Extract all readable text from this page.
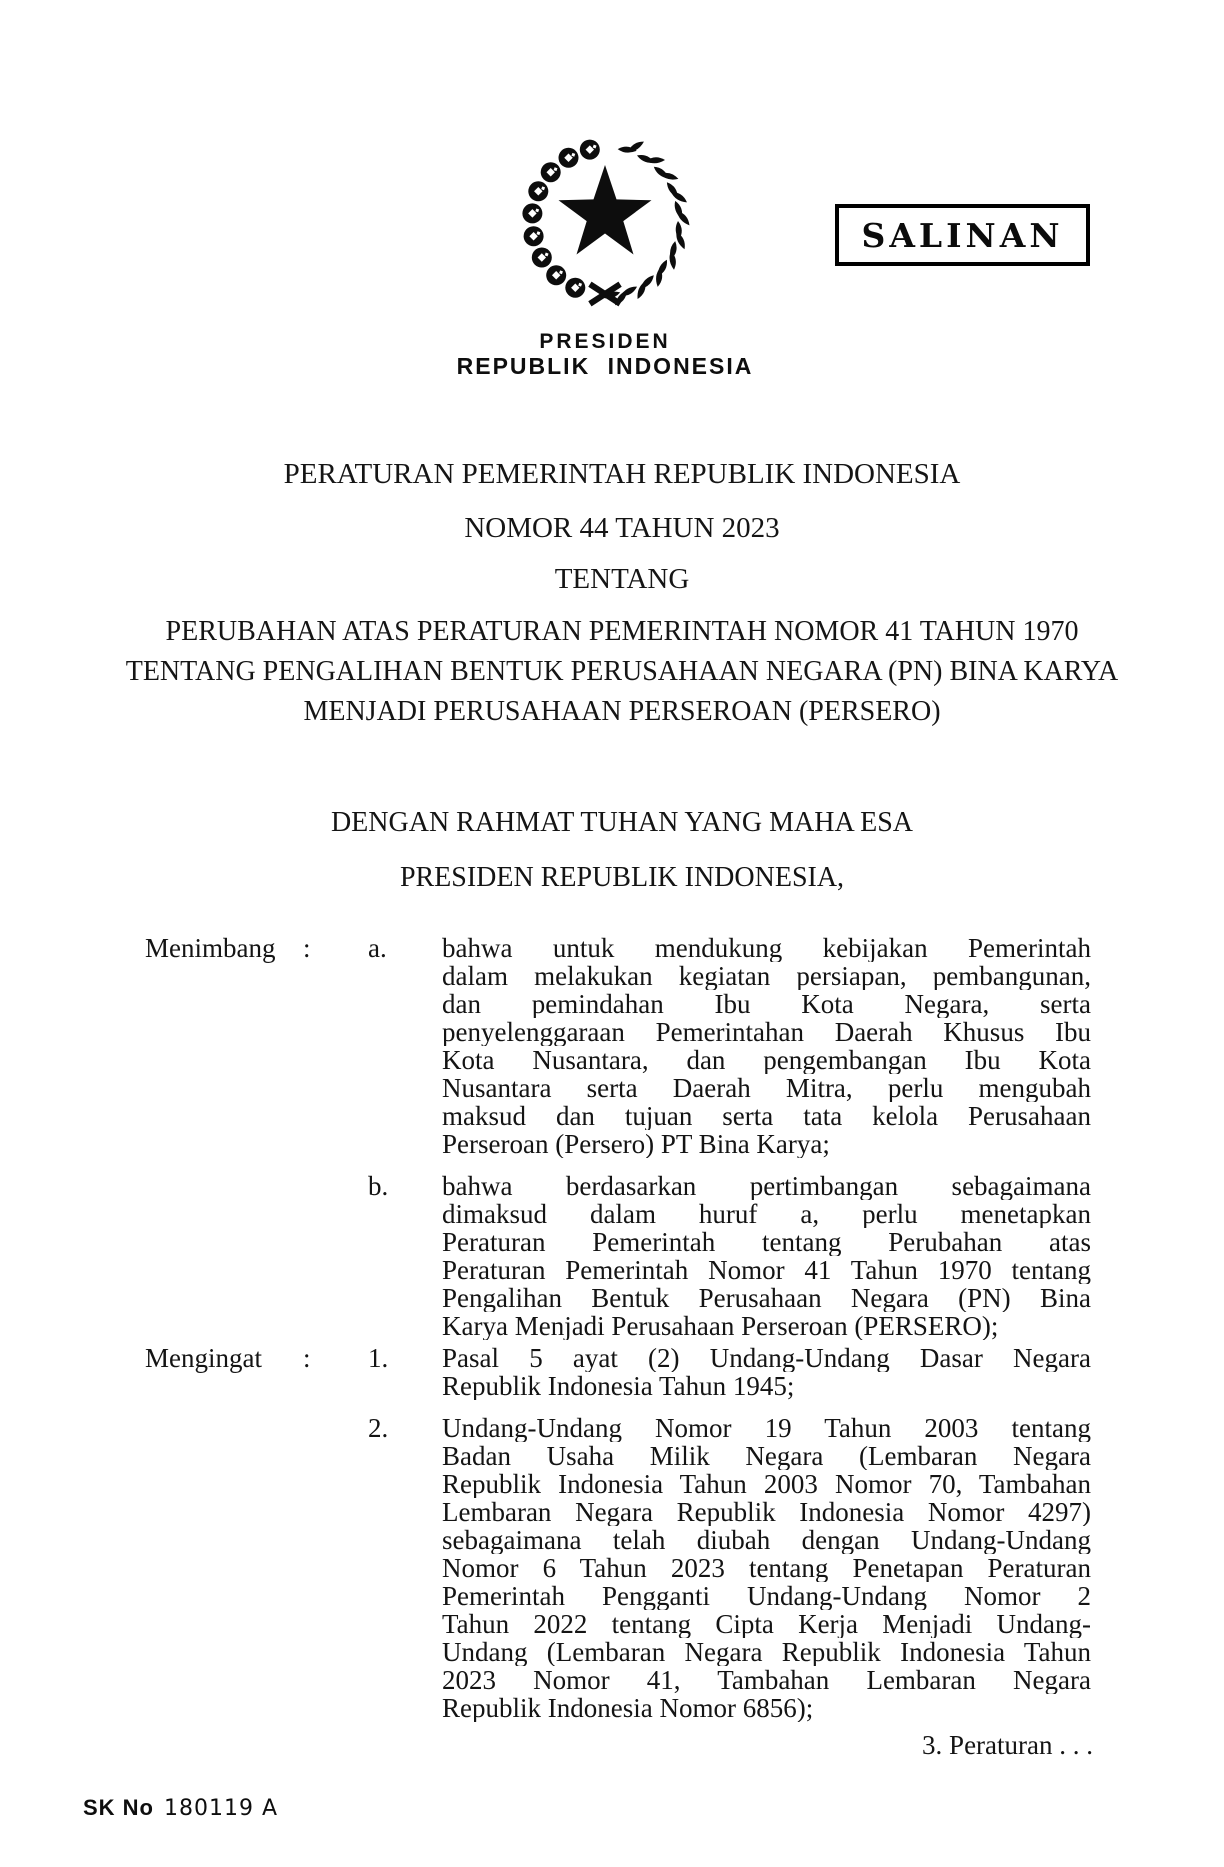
SALINAN
PRESIDEN
REPUBLIK INDONESIA
PERATURAN PEMERINTAH REPUBLIK INDONESIA
NOMOR 44 TAHUN 2023
TENTANG
PERUBAHAN ATAS PERATURAN PEMERINTAH NOMOR 41 TAHUN 1970
TENTANG PENGALIHAN BENTUK PERUSAHAAN NEGARA (PN) BINA KARYA
MENJADI PERUSAHAAN PERSEROAN (PERSERO)
DENGAN RAHMAT TUHAN YANG MAHA ESA
PRESIDEN REPUBLIK INDONESIA,
Menimbang	:	a.	bahwa untuk mendukung kebijakan Pemerintah
dalam melakukan kegiatan persiapan, pembangunan,
dan pemindahan Ibu Kota Negara, serta
penyelenggaraan Pemerintahan Daerah Khusus Ibu
Kota Nusantara, dan pengembangan Ibu Kota
Nusantara serta Daerah Mitra, perlu mengubah
maksud dan tujuan serta tata kelola Perusahaan
Perseroan (Persero) PT Bina Karya;
b.	bahwa berdasarkan pertimbangan sebagaimana
dimaksud dalam huruf a, perlu menetapkan
Peraturan Pemerintah tentang Perubahan atas
Peraturan Pemerintah Nomor 41 Tahun 1970 tentang
Pengalihan Bentuk Perusahaan Negara (PN) Bina
Karya Menjadi Perusahaan Perseroan (PERSERO);
Mengingat	:	1.	Pasal 5 ayat (2) Undang-Undang Dasar Negara
Republik Indonesia Tahun 1945;
2.	Undang-Undang Nomor 19 Tahun 2003 tentang
Badan Usaha Milik Negara (Lembaran Negara
Republik Indonesia Tahun 2003 Nomor 70, Tambahan
Lembaran Negara Republik Indonesia Nomor 4297)
sebagaimana telah diubah dengan Undang-Undang
Nomor 6 Tahun 2023 tentang Penetapan Peraturan
Pemerintah Pengganti Undang-Undang Nomor 2
Tahun 2022 tentang Cipta Kerja Menjadi Undang-
Undang (Lembaran Negara Republik Indonesia Tahun
2023 Nomor 41, Tambahan Lembaran Negara
Republik Indonesia Nomor 6856);
3. Peraturan . . .
SK No 180119 A
